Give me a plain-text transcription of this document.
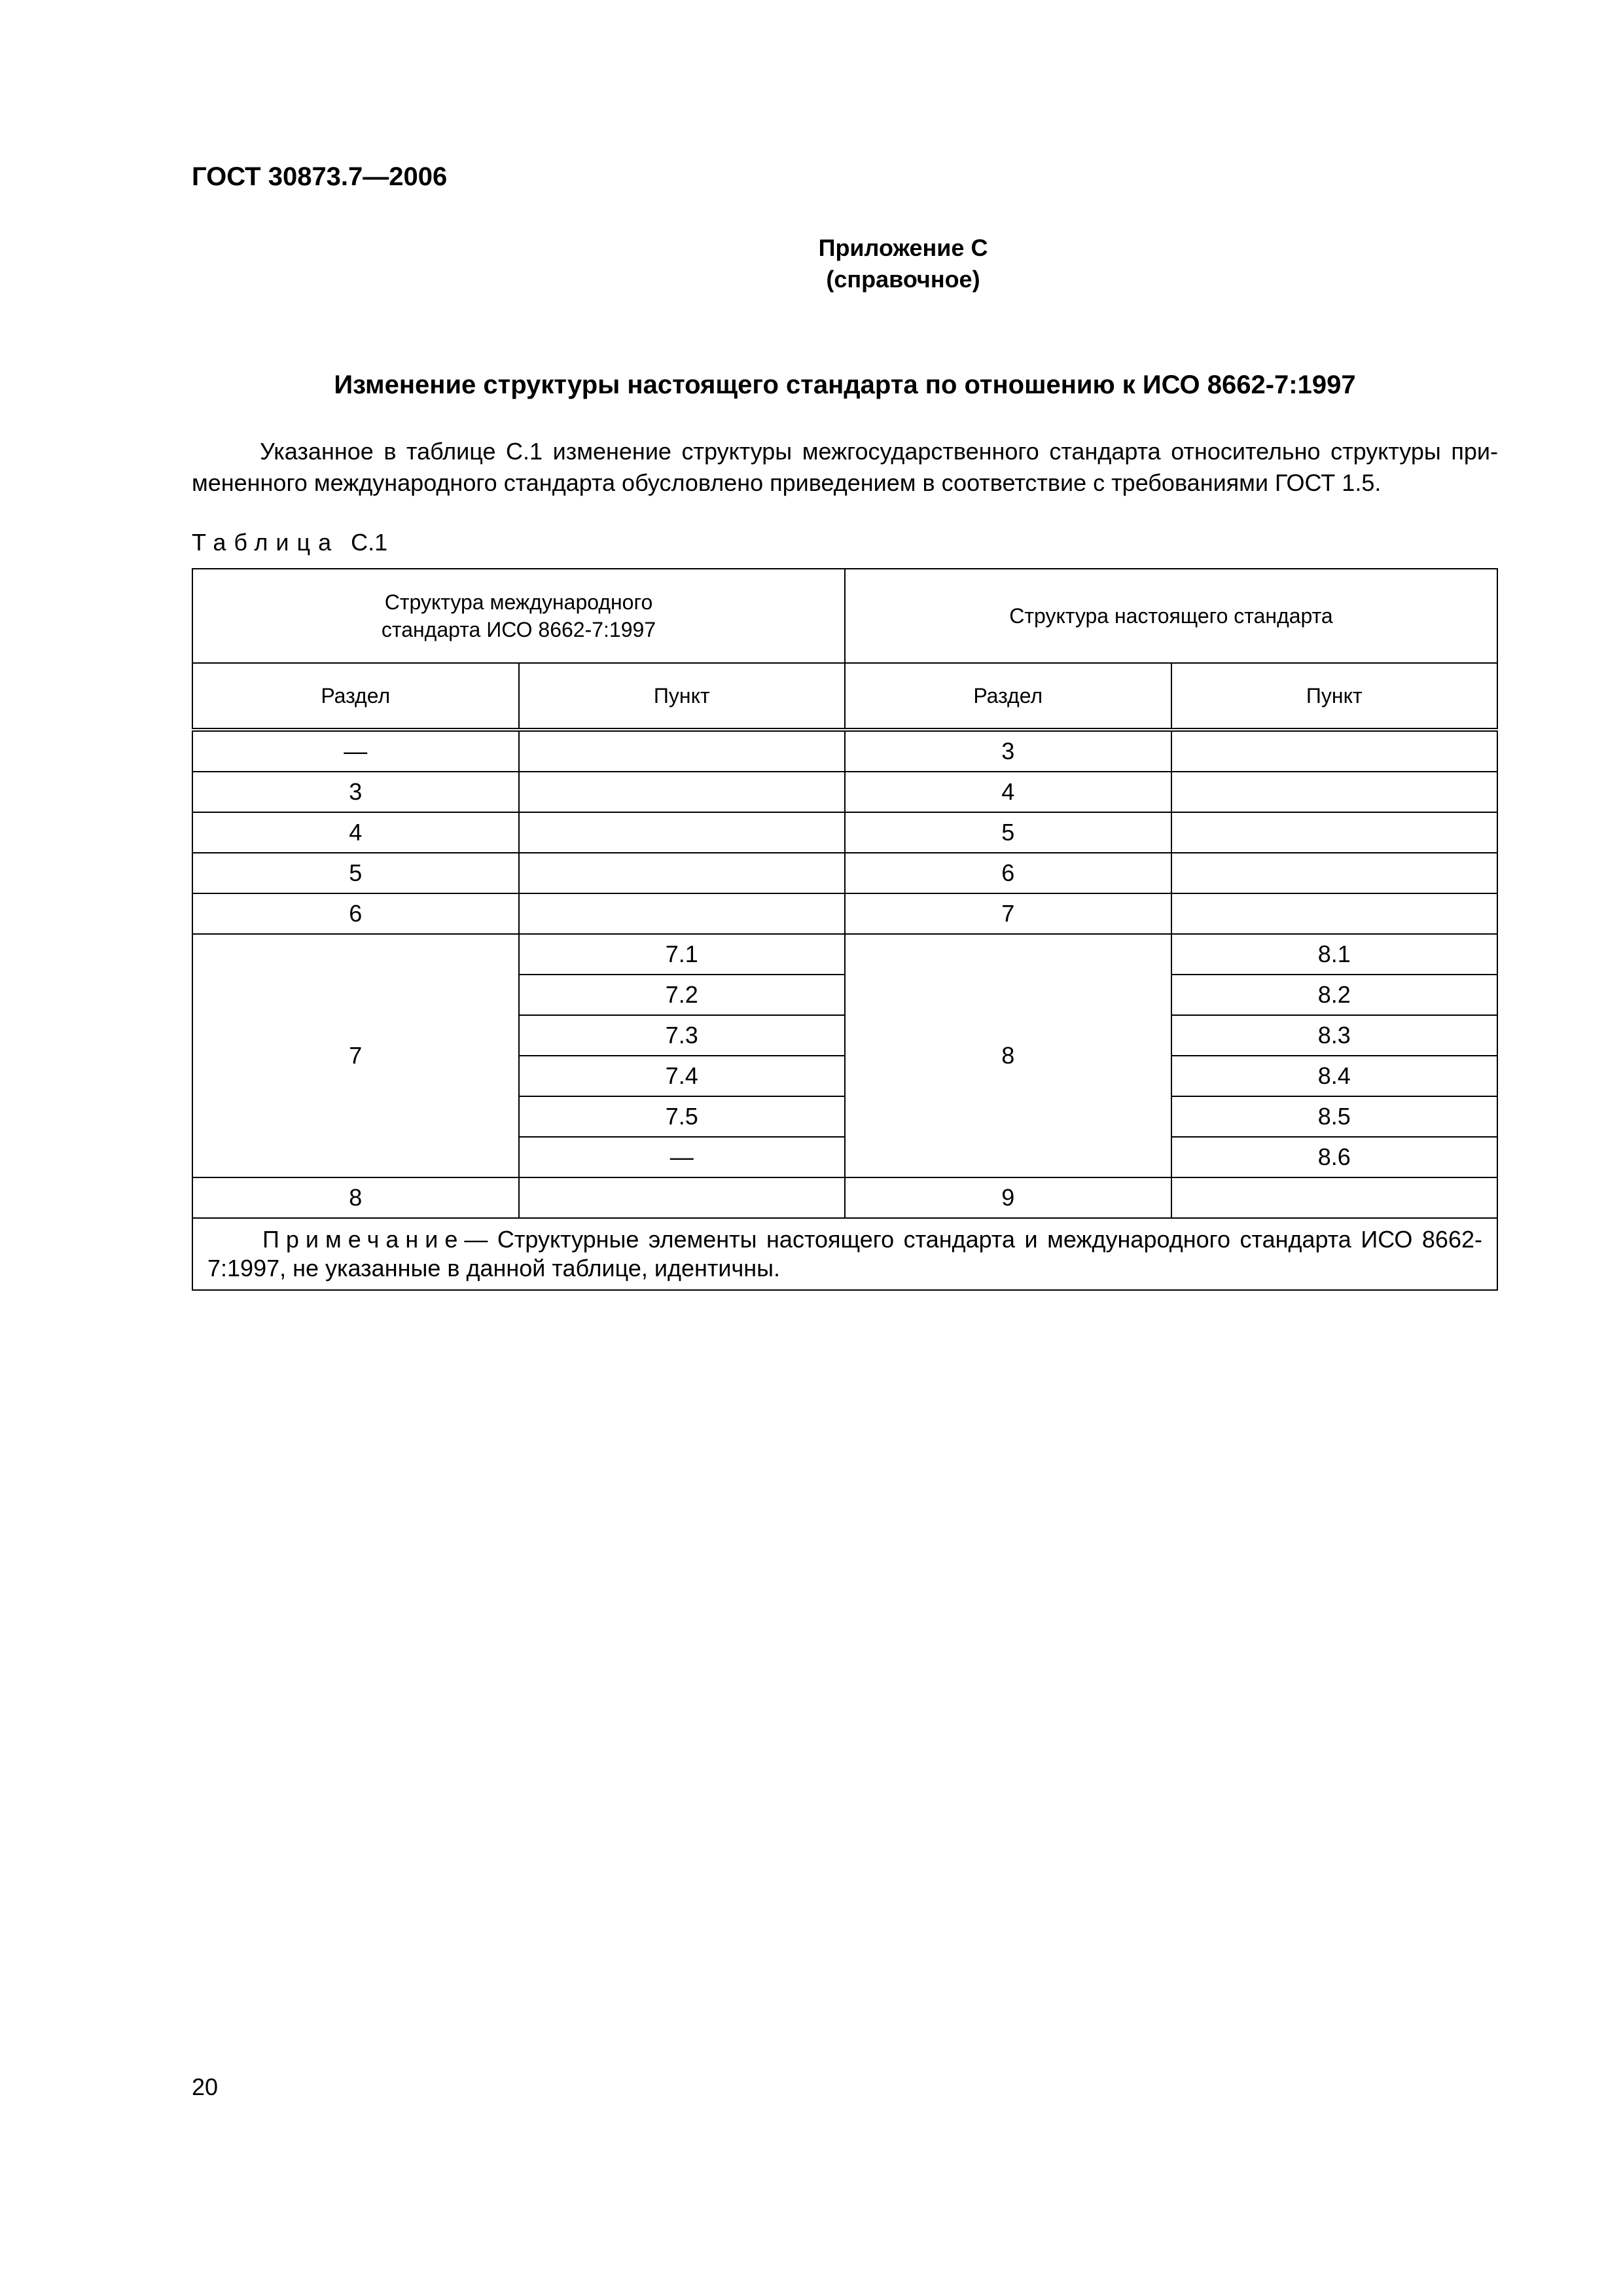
ГОСТ 30873.7—2006
Приложение С
(справочное)
Изменение структуры настоящего стандарта по отношению к ИСО 8662-7:1997

Указанное в таблице С.1 изменение структуры межгосударственного стандарта относительно структуры примененного международного стандарта обусловлено приведением в соответствие с требованиями ГОСТ 1.5.

Таблица С.1

Структура международного стандарта ИСО 8662-7:1997		Структура настоящего стандарта	
Раздел	Пункт	Раздел	Пункт
—		3	
3		4	
4		5	
5		6	
6		7	
7	7.1	8	8.1
	7.2		8.2
	7.3		8.3
	7.4		8.4
	7.5		8.5
	—		8.6
8		9	
Примечание— Структурные элементы настоящего стандарта и международного стандарта ИСО 8662-7:1997, не указанные в данной таблице, идентичны.			

20
